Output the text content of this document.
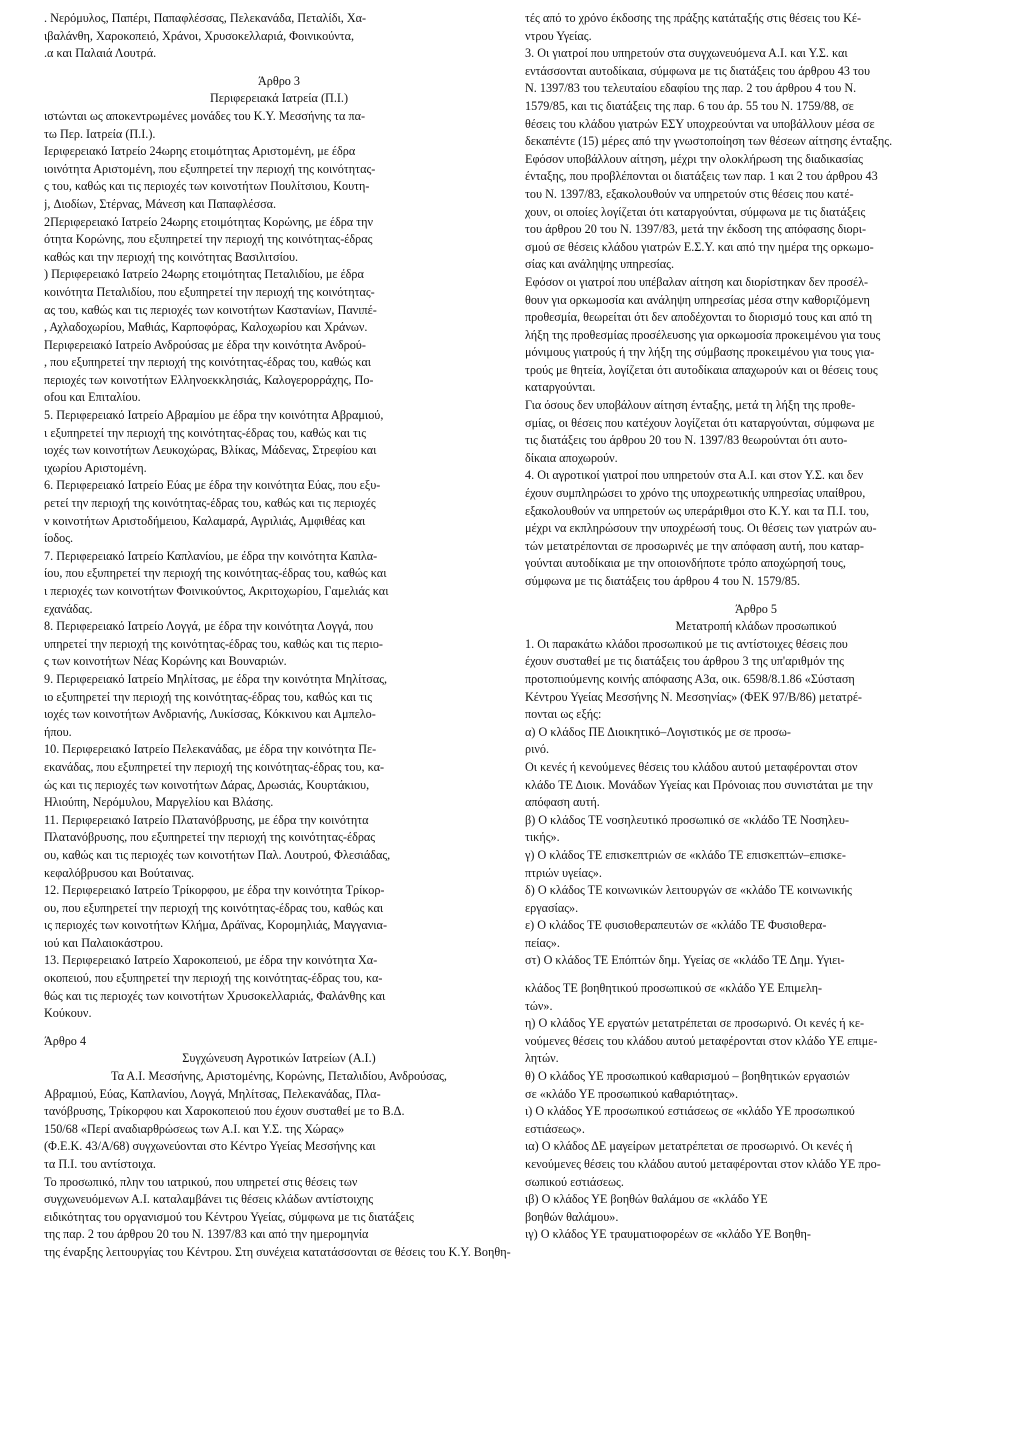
. Νερόμυλος, Παπέρι, Παπαφλέσσας, Πελεκανάδα, Πεταλίδι, Χα-

ιβαλάνθη, Χαροκοπειό, Χράνοι, Χρυσοκελλαριά, Φοινικούντα,

.α και Παλαιά Λουτρά.

Άρθρο 3

Περιφερειακά Ιατρεία (Π.Ι.)

ιστώνται ως αποκεντρωμένες μονάδες του Κ.Υ. Μεσσήνης τα πα-

τω Περ. Ιατρεία (Π.Ι.).

Ιεριφερειακό Ιατρείο 24ωρης ετοιμότητας Αριστομένη, με έδρα

ιοινότητα Αριστομένη, που εξυπηρετεί την περιοχή της κοινότητας-

ς του, καθώς και τις περιοχές των κοινοτήτων Πουλίτσιου, Κουτη-

j, Διοδίων, Στέρνας, Μάνεση και Παπαφλέσσα.

2Περιφερειακό Ιατρείο 24ωρης ετοιμότητας Κορώνης, με έδρα την

ότητα Κορώνης, που εξυπηρετεί την περιοχή της κοινότητας-έδρας

καθώς και την περιοχή της κοινότητας Βασιλιτσίου.

) Περιφερειακό Ιατρείο 24ωρης ετοιμότητας Πεταλιδίου, με έδρα

κοινότητα Πεταλιδίου, που εξυπηρετεί την περιοχή της κοινότητας-

ας του, καθώς και τις περιοχές των κοινοτήτων Καστανίων, Πανιπέ-

, Αχλαδοχωρίου, Μαθιάς, Καρποφόρας, Καλοχωρίου και Χράνων.

Περιφερειακό Ιατρείο Ανδρούσας με έδρα την κοινότητα Ανδρού-

, που εξυπηρετεί την περιοχή της κοινότητας-έδρας του, καθώς και

περιοχές των κοινοτήτων Ελληνοεκκλησιάς, Καλογερορράχης, Πο-

ofou και Επιταλίου.

5. Περιφερειακό Ιατρείο Αβραμίου με έδρα την κοινότητα Αβραμιού,

ι εξυπηρετεί την περιοχή της κοινότητας-έδρας του, καθώς και τις

ιοχές των κοινοτήτων Λευκοχώρας, Βλίκας, Μάδενας, Στρεφίου και

ιχωρίου Αριστομένη.

6. Περιφερειακό Ιατρείο Εύας με έδρα την κοινότητα Εύας, που εξυ-

ρετεί την περιοχή της κοινότητας-έδρας του, καθώς και τις περιοχές

ν κοινοτήτων Αριστοδήμειου, Καλαμαρά, Αγριλιάς, Αμφιθέας και

ίοδος.

7. Περιφερειακό Ιατρείο Καπλανίου, με έδρα την κοινότητα Καπλα-

ίου, που εξυπηρετεί την περιοχή της κοινότητας-έδρας του, καθώς και

ι περιοχές των κοινοτήτων Φοινικούντος, Ακριτοχωρίου, Γαμελιάς και

εχανάδας.

8. Περιφερειακό Ιατρείο Λογγά, με έδρα την κοινότητα Λογγά, που

υπηρετεί την περιοχή της κοινότητας-έδρας του, καθώς και τις περιο-

ς των κοινοτήτων Νέας Κορώνης και Βουναριών.

9. Περιφερειακό Ιατρείο Μηλίτσας, με έδρα την κοινότητα Μηλίτσας,

ιο εξυπηρετεί την περιοχή της κοινότητας-έδρας του, καθώς και τις

ιοχές των κοινοτήτων Ανδριανής, Λυκίσσας, Κόκκινου και Αμπελο-

ήπου.

10. Περιφερειακό Ιατρείο Πελεκανάδας, με έδρα την κοινότητα Πε-

εκανάδας, που εξυπηρετεί την περιοχή της κοινότητας-έδρας του, κα-

ώς και τις περιοχές των κοινοτήτων Δάρας, Δρωσιάς, Κουρτάκιου,

Ηλιούπη, Νερόμυλου, Μαργελίου και Βλάσης.

11. Περιφερειακό Ιατρείο Πλατανόβρυσης, με έδρα την κοινότητα

Πλατανόβρυσης, που εξυπηρετεί την περιοχή της κοινότητας-έδρας

ου, καθώς και τις περιοχές των κοινοτήτων Παλ. Λουτρού, Φλεσιάδας,

κεφαλόβρυσου και Βούταινας.

12. Περιφερειακό Ιατρείο Τρίκορφου, με έδρα την κοινότητα Τρίκορ-

ου, που εξυπηρετεί την περιοχή της κοινότητας-έδρας του, καθώς και

ις περιοχές των κοινοτήτων Κλήμα, Δράϊνας, Κορομηλιάς, Μαγγανια-

ιού και Παλαιοκάστρου.

13. Περιφερειακό Ιατρείο Χαροκοπειού, με έδρα την κοινότητα Χα-

οκοπειού, που εξυπηρετεί την περιοχή της κοινότητας-έδρας του, κα-

θώς και τις περιοχές των κοινοτήτων Χρυσοκελλαριάς, Φαλάνθης και

Κούκουν.

Άρθρο 4

Συγχώνευση Αγροτικών Ιατρείων (Α.Ι.)

Τα Α.Ι. Μεσσήνης, Αριστομένης, Κορώνης, Πεταλιδίου, Ανδρούσας,

Αβραμιού, Εύας, Καπλανίου, Λογγά, Μηλίτσας, Πελεκανάδας, Πλα-

τανόβρυσης, Τρίκορφου και Χαροκοπειού που έχουν συσταθεί με το Β.Δ.

150/68 «Περί αναδιαρθρώσεως των Α.Ι. και Υ.Σ. της Χώρας»

(Φ.Ε.Κ. 43/Α/68) συγχωνεύονται στο Κέντρο Υγείας Μεσσήνης και

τα Π.Ι. του αντίστοιχα.

Το προσωπικό, πλην του ιατρικού, που υπηρετεί στις θέσεις των

συγχωνευόμενων Α.Ι. καταλαμβάνει τις θέσεις κλάδων αντίστοιχης

ειδικότητας του οργανισμού του Κέντρου Υγείας, σύμφωνα με τις διατάξεις

της παρ. 2 του άρθρου 20 του Ν. 1397/83 και από την ημερομηνία

της έναρξης λειτουργίας του Κέντρου. Στη συνέχεια κατατάσσονται σε θέσεις του Κ.Υ. Βοηθη-

τές από το χρόνο έκδοσης της πράξης κατάταξής στις θέσεις του Κέ-

ντρου Υγείας.

3. Οι γιατροί που υπηρετούν στα συγχωνευόμενα Α.Ι. και Υ.Σ. και

εντάσσονται αυτοδίκαια, σύμφωνα με τις διατάξεις του άρθρου 43 του

Ν. 1397/83 του τελευταίου εδαφίου της παρ. 2 του άρθρου 4 του Ν.

1579/85, και τις διατάξεις της παρ. 6 του άρ. 55 του Ν. 1759/88, σε

θέσεις του κλάδου γιατρών ΕΣΥ υποχρεούνται να υποβάλλουν μέσα σε

δεκαπέντε (15) μέρες από την γνωστοποίηση των θέσεων αίτησης ένταξης.

Εφόσον υποβάλλουν αίτηση, μέχρι την ολοκλήρωση της διαδικασίας

ένταξης, που προβλέπονται οι διατάξεις των παρ. 1 και 2 του άρθρου 43

του Ν. 1397/83, εξακολουθούν να υπηρετούν στις θέσεις που κατέ-

χουν, οι οποίες λογίζεται ότι καταργούνται, σύμφωνα με τις διατάξεις

του άρθρου 20 του Ν. 1397/83, μετά την έκδοση της απόφασης διορι-

σμού σε θέσεις κλάδου γιατρών Ε.Σ.Υ. και από την ημέρα της ορκωμο-

σίας και ανάληψης υπηρεσίας.

Εφόσον οι γιατροί που υπέβαλαν αίτηση και διορίστηκαν δεν προσέλ-

θουν για ορκωμοσία και ανάληψη υπηρεσίας μέσα στην καθοριζόμενη

προθεσμία, θεωρείται ότι δεν αποδέχονται το διορισμό τους και από τη

λήξη της προθεσμίας προσέλευσης για ορκωμοσία προκειμένου για τους

μόνιμους γιατρούς ή την λήξη της σύμβασης προκειμένου για τους για-

τρούς με θητεία, λογίζεται ότι αυτοδίκαια απαχωρούν και οι θέσεις τους

καταργούνται.

Για όσους δεν υποβάλουν αίτηση ένταξης, μετά τη λήξη της προθε-

σμίας, οι θέσεις που κατέχουν λογίζεται ότι καταργούνται, σύμφωνα με

τις διατάξεις του άρθρου 20 του Ν. 1397/83 θεωρούνται ότι αυτο-

δίκαια αποχωρούν.

4. Οι αγροτικοί γιατροί που υπηρετούν στα Α.Ι. και στον Υ.Σ. και δεν

έχουν συμπληρώσει το χρόνο της υποχρεωτικής υπηρεσίας υπαίθρου,

εξακολουθούν να υπηρετούν ως υπεράριθμοι στο Κ.Υ. και τα Π.Ι. του,

μέχρι να εκπληρώσουν την υποχρέωσή τους. Οι θέσεις των γιατρών αυ-

τών μετατρέπονται σε προσωρινές με την απόφαση αυτή, που καταρ-

γούνται αυτοδίκαια με την οποιονδήποτε τρόπο αποχώρησή τους,

σύμφωνα με τις διατάξεις του άρθρου 4 του Ν. 1579/85.

Άρθρο 5

Μετατροπή κλάδων προσωπικού

1. Οι παρακάτω κλάδοι προσωπικού με τις αντίστοιχες θέσεις που

έχουν συσταθεί με τις διατάξεις του άρθρου 3 της υπ'αριθμόν της

προτοπιούμενης κοινής απόφασης Α3α, οικ. 6598/8.1.86 «Σύσταση

Κέντρου Υγείας Μεσσήνης Ν. Μεσσηνίας» (ΦΕΚ 97/Β/86) μετατρέ-

πονται ως εξής:

α) Ο κλάδος ΠΕ Διοικητικό–Λογιστικός με σε προσω-

ρινό.

Οι κενές ή κενούμενες θέσεις του κλάδου αυτού μεταφέρονται στον

κλάδο ΤΕ Διοικ. Μονάδων Υγείας και Πρόνοιας που συνιστάται με την

απόφαση αυτή.

β) Ο κλάδος ΤΕ νοσηλευτικό προσωπικό σε «κλάδο ΤΕ Νοσηλευ-

τικής».

γ) Ο κλάδος ΤΕ επισκεπτριών σε «κλάδο ΤΕ επισκεπτών–επισκε-

πτριών υγείας».

δ) Ο κλάδος ΤΕ κοινωνικών λειτουργών σε «κλάδο ΤΕ κοινωνικής

εργασίας».

ε) Ο κλάδος ΤΕ φυσιοθεραπευτών σε «κλάδο ΤΕ Φυσιοθερα-

πείας».

στ) Ο κλάδος ΤΕ Επόπτών δημ. Υγείας σε «κλάδο ΤΕ Δημ. Υγιει-

κλάδος ΤΕ βοηθητικού προσωπικού σε «κλάδο ΥΕ Επιμελη-

τών».

η) Ο κλάδος ΥΕ εργατών μετατρέπεται σε προσωρινό. Οι κενές ή κε-

νούμενες θέσεις του κλάδου αυτού μεταφέρονται στον κλάδο ΥΕ επιμε-

λητών.

θ) Ο κλάδος ΥΕ προσωπικού καθαρισμού – βοηθητικών εργασιών

σε «κλάδο ΥΕ προσωπικού καθαριότητας».

ι) Ο κλάδος ΥΕ προσωπικού εστιάσεως σε «κλάδο ΥΕ προσωπικού

εστιάσεως».

ια) Ο κλάδος ΔΕ μαγείρων μετατρέπεται σε προσωρινό. Οι κενές ή

κενούμενες θέσεις του κλάδου αυτού μεταφέρονται στον κλάδο ΥΕ προ-

σωπικού εστιάσεως.

ιβ) Ο κλάδος ΥΕ βοηθών θαλάμου σε «κλάδο ΥΕ

βοηθών θαλάμου».

ιγ) Ο κλάδος ΥΕ τραυματιοφορέων σε «κλάδο ΥΕ Βοηθη-
